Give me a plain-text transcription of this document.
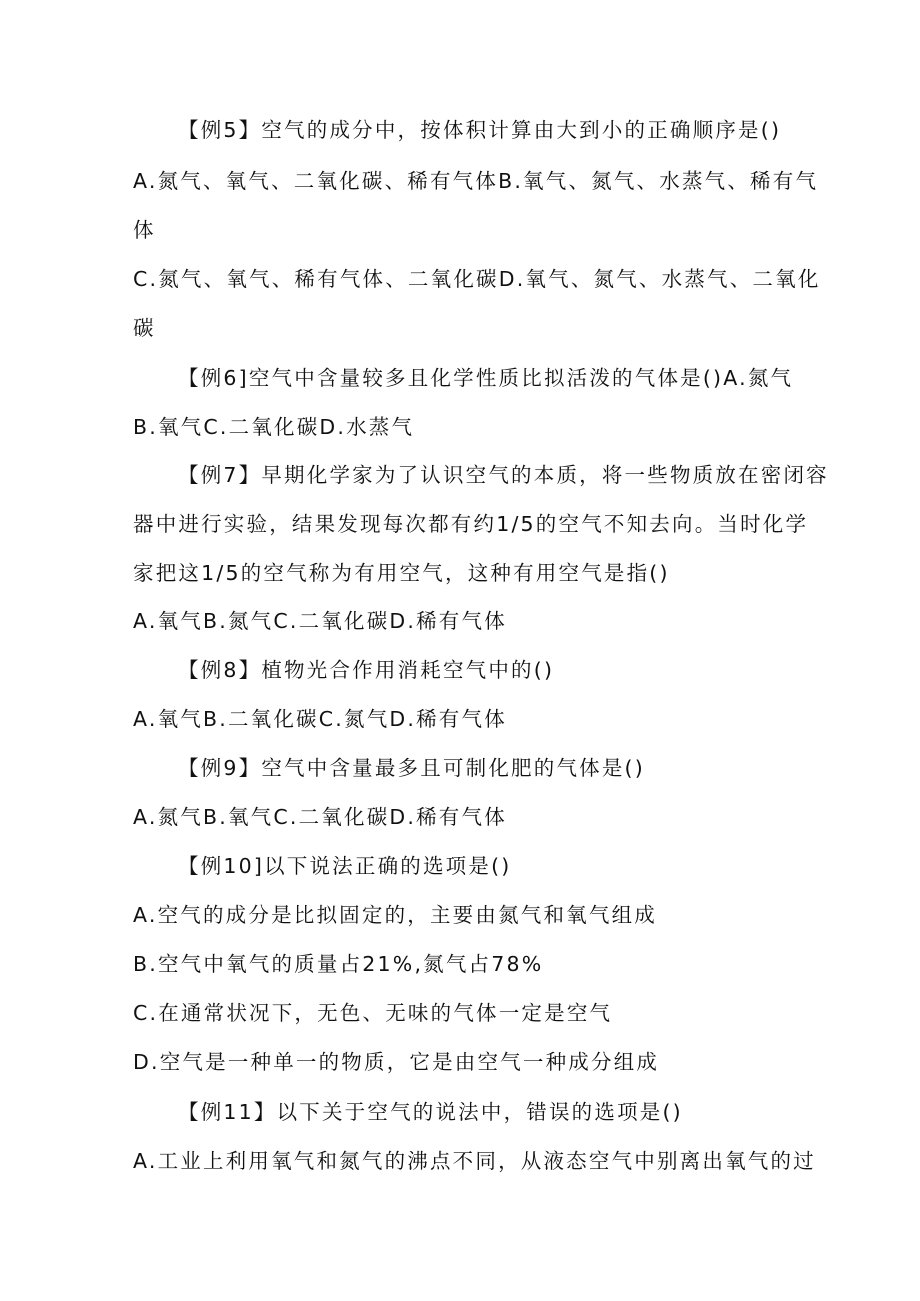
【例5】空气的成分中，按体积计算由大到小的正确顺序是()
A.氮气、氧气、二氧化碳、稀有气体B.氧气、氮气、水蒸气、稀有气
体
C.氮气、氧气、稀有气体、二氧化碳D.氧气、氮气、水蒸气、二氧化
碳
【例6]空气中含量较多且化学性质比拟活泼的气体是()A.氮气
B.氧气C.二氧化碳D.水蒸气
【例7】早期化学家为了认识空气的本质，将一些物质放在密闭容
器中进行实验，结果发现每次都有约1/5的空气不知去向。当时化学
家把这1/5的空气称为有用空气，这种有用空气是指()
A.氧气B.氮气C.二氧化碳D.稀有气体
【例8】植物光合作用消耗空气中的()
A.氧气B.二氧化碳C.氮气D.稀有气体
【例9】空气中含量最多且可制化肥的气体是()
A.氮气B.氧气C.二氧化碳D.稀有气体
【例10]以下说法正确的选项是()
A.空气的成分是比拟固定的，主要由氮气和氧气组成
B.空气中氧气的质量占21%,氮气占78%
C.在通常状况下，无色、无味的气体一定是空气
D.空气是一种单一的物质，它是由空气一种成分组成
【例11】以下关于空气的说法中，错误的选项是()
A.工业上利用氧气和氮气的沸点不同，从液态空气中别离出氧气的过
